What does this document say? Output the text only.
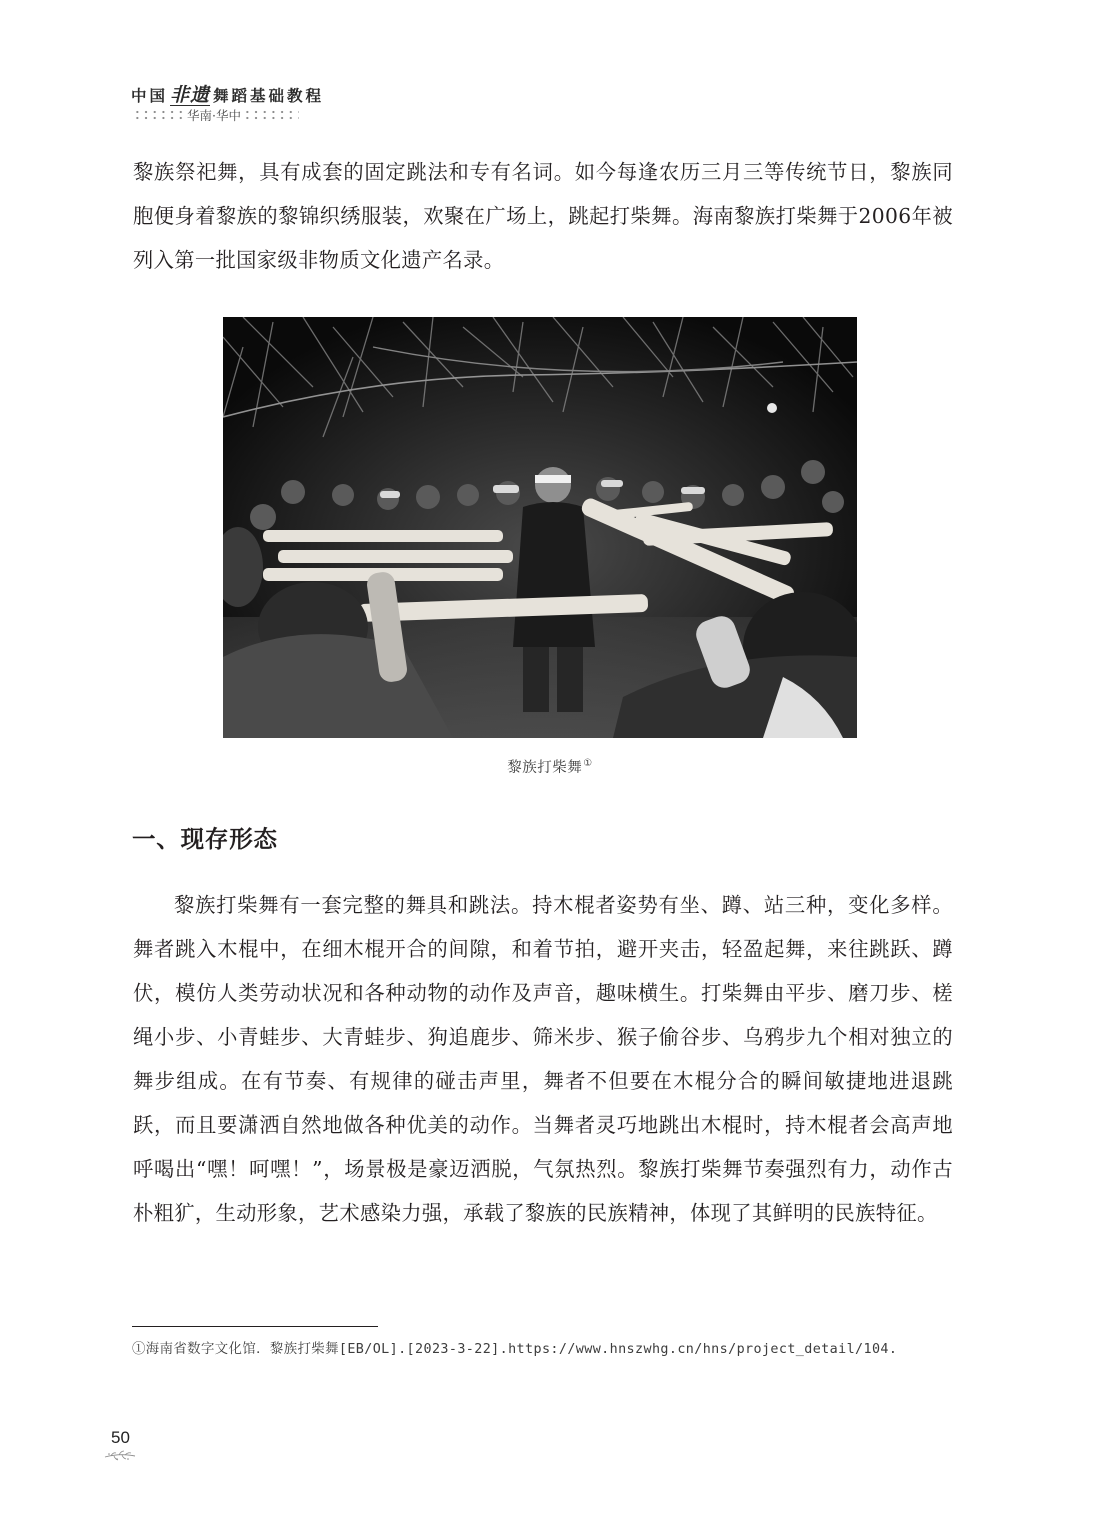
中国 非遗 舞蹈基础教程
华南·华中

黎族祭祀舞，具有成套的固定跳法和专有名词。如今每逢农历三月三等传统节日，黎族同胞便身着黎族的黎锦织绣服装，欢聚在广场上，跳起打柴舞。海南黎族打柴舞于2006年被列入第一批国家级非物质文化遗产名录。

黎族打柴舞①
一、现存形态

黎族打柴舞有一套完整的舞具和跳法。持木棍者姿势有坐、蹲、站三种，变化多样。舞者跳入木棍中，在细木棍开合的间隙，和着节拍，避开夹击，轻盈起舞，来往跳跃、蹲伏，模仿人类劳动状况和各种动物的动作及声音，趣味横生。打柴舞由平步、磨刀步、槎绳小步、小青蛙步、大青蛙步、狗追鹿步、筛米步、猴子偷谷步、乌鸦步九个相对独立的舞步组成。在有节奏、有规律的碰击声里，舞者不但要在木棍分合的瞬间敏捷地进退跳跃，而且要潇洒自然地做各种优美的动作。当舞者灵巧地跳出木棍时，持木棍者会高声地呼喝出“嘿！呵嘿！”，场景极是豪迈洒脱，气氛热烈。黎族打柴舞节奏强烈有力，动作古朴粗犷，生动形象，艺术感染力强，承载了黎族的民族精神，体现了其鲜明的民族特征。

①海南省数字文化馆．黎族打柴舞[EB/OL].[2023-3-22].https://www.hnszwhg.cn/hns/project_detail/104.

50
